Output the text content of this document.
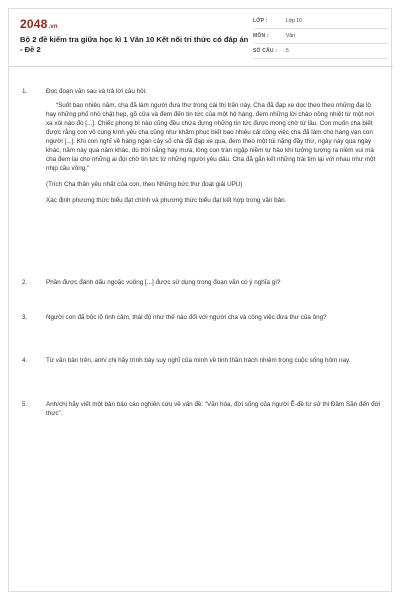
2048.vn
Bộ 2 đề kiểm tra giữa học kì 1 Văn 10 Kết nối tri thức có đáp án - Đề 2
LỚP :	Lớp 10
MÔN :	Văn
SỐ CÂU :	5
1.	Đọc đoạn văn sau và trả lời câu hỏi:
“Suốt bao nhiêu năm, cha đã làm người đưa thư trong cái thị trấn này. Cha đã đạp xe dọc theo theo những đại lộ hay những phố nhỏ chật hẹp, gõ cửa và đem đến tin tức của một hộ hàng, đem những lời chào nồng nhiệt từ một nơi xa xôi nào đó [...]. Chiếc phong bì nào cũng đều chứa đựng những tin tức được mong chờ từ lâu. Con muốn cha biết được rằng con vô cùng kính yêu cha cũng như khâm phục biết bao nhiêu cái công việc cha đã làm cho hàng vạn con người [...]. Khi con nghĩ về hàng ngàn cây số cha đã đạp xe qua, đem theo một túi nặng đầy thư, ngày này qua ngày khác, năm này qua năm khác, dù trời nắng hay mưa, lòng con tràn ngập niềm tự hào khi tưởng tượng ra niềm vui mà cha đem lại cho những ai đọi chờ tin tức từ những người yêu dấu. Cha đã gắn kết những trái tim lại với nhau như một nhịp cầu vồng.”
(Trích Cha thân yêu nhất của con, theo Những bức thư đoạt giải UPU)
Xác định phương thức biểu đạt chính và phương thức biểu đạt kết hợp trong văn bản.
2.	Phần được đánh dấu ngoặc vuông [...] được sử dụng trong đoạn văn có ý nghĩa gì?
3.	Người con đã bộc lộ tình cảm, thái độ như thế nào đối với người cha và công việc đưa thư của ông?
4.	Từ văn bản trên, anh/ chị hãy trình bày suy nghĩ của mình về tinh thần trách nhiệm trong cuộc sống hôm nay.
5.	Anh/chị hãy viết một bản báo cáo nghiên cứu về vấn đề: “Văn hóa, đời sống của người Ê-đê từ sử thi Đăm Săn đến đời thực”.
